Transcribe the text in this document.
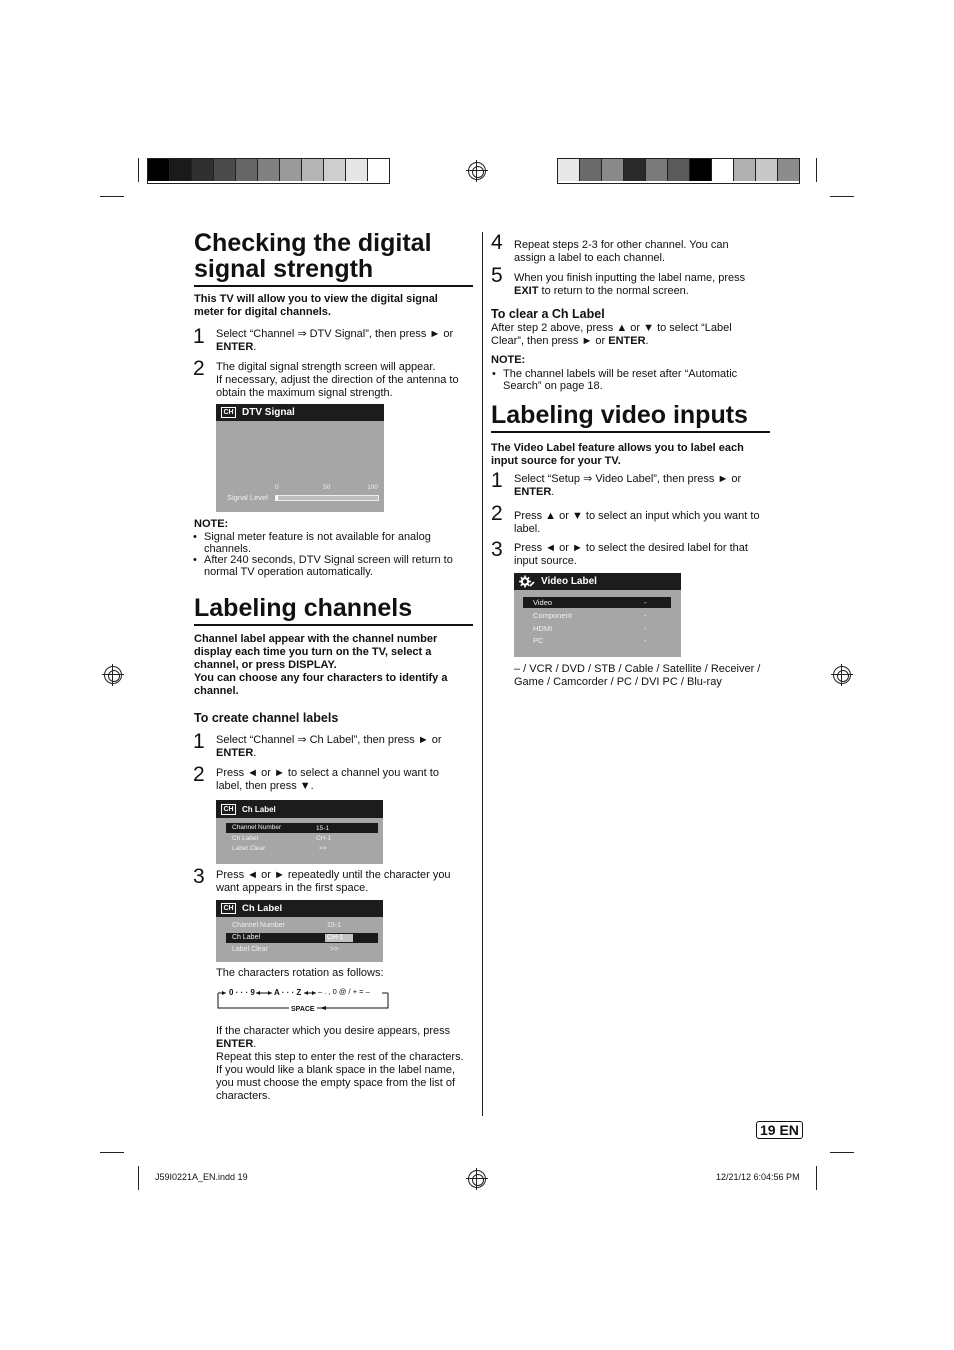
J59I0221A_EN.indd 19	12/21/12 6:04:56 PM
Checking the digital
signal strength
This TV will allow you to view the digital signal
meter for digital channels.
1 Select “Channel ⇒ DTV Signal”, then press ► or
ENTER.
2 The digital signal strength screen will appear.
If necessary, adjust the direction of the antenna to
obtain the maximum signal strength.
CH DTV Signal
0	50	100
Signal Level
NOTE:
• Signal meter feature is not available for analog
channels.
• After 240 seconds, DTV Signal screen will return to
normal TV operation automatically.
Labeling channels
Channel label appear with the channel number
display each time you turn on the TV, select a
channel, or press DISPLAY.
You can choose any four characters to identify a
channel.
To create channel labels
1 Select “Channel ⇒ Ch Label”, then press ► or
ENTER.
2 Press ◄ or ► to select a channel you want to
label, then press ▼.
CH	Ch Label
Channel Number	15-1
Ch Label	CH-1
Label Clear	>>
3 Press ◄ or ► repeatedly until the character you
want appears in the first space.
CH Ch Label
Channel Number	15-1
Ch Label	CH-1
Label Clear	>>
The characters rotation as follows:
0 · · · 9 A · · · Z – . , 0 @ / + = –
SPACE
If the character which you desire appears, press
ENTER.
Repeat this step to enter the rest of the characters.
If you would like a blank space in the label name,
you must choose the empty space from the list of
characters.
4 Repeat steps 2-3 for other channel. You can
assign a label to each channel.
5 When you finish inputting the label name, press
EXIT to return to the normal screen.
To clear a Ch Label
After step 2 above, press ▲ or ▼ to select “Label
Clear”, then press ► or ENTER.
NOTE:
• The channel labels will be reset after “Automatic
Search” on page 18.
Labeling video inputs
The Video Label feature allows you to label each
input source for your TV.
1 Select “Setup ⇒ Video Label”, then press ► or
ENTER.
2 Press ▲ or ▼ to select an input which you want to
label.
3 Press ◄ or ► to select the desired label for that
input source.
Video Label
Video	-
Component	-
HDMI	-
PC	-
– / VCR / DVD / STB / Cable / Satellite / Receiver /
Game / Camcorder / PC / DVI PC / Blu-ray
19 EN
